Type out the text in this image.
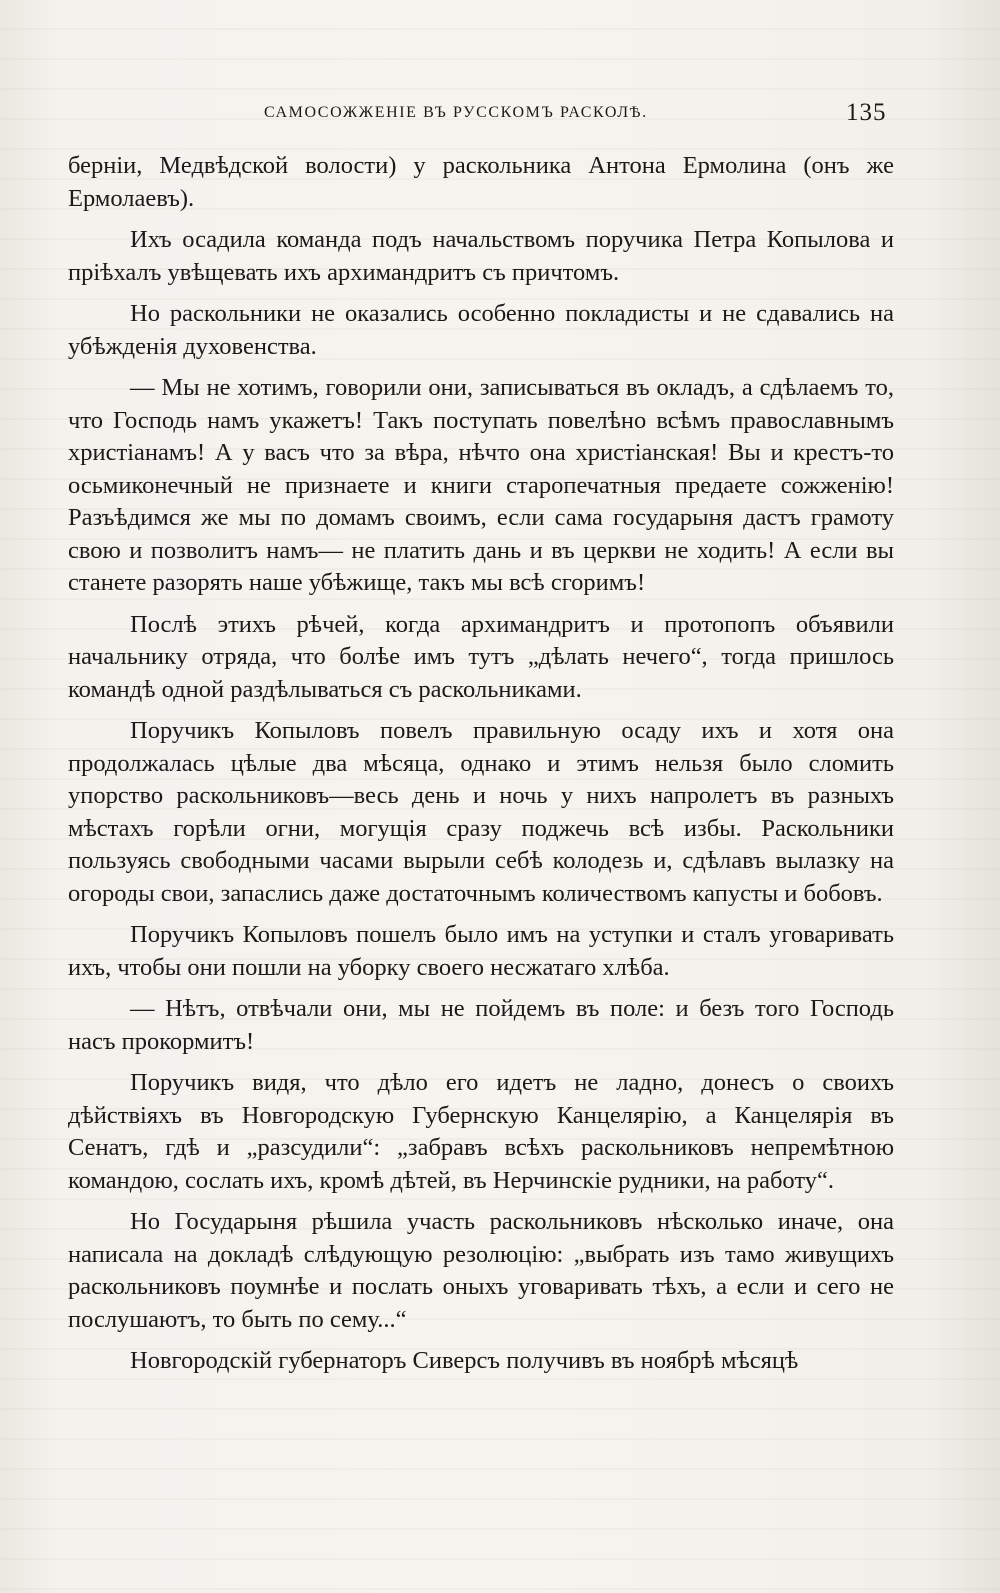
САМОСОЖЖЕНІЕ ВЪ РУССКОМЪ РАСКОЛѢ.	135

берніи, Медвѣдской волости) у раскольника Антона Ермолина (онъ же Ермолаевъ).

Ихъ осадила команда подъ начальствомъ поручика Петра Копылова и пріѣхалъ увѣщевать ихъ архимандритъ съ причтомъ.

Но раскольники не оказались особенно покладисты и не сдавались на убѣжденія духовенства.

— Мы не хотимъ, говорили они, записываться въ окладъ, а сдѣлаемъ то, что Господь намъ укажетъ! Такъ поступать повелѣно всѣмъ православнымъ христіанамъ! А у васъ что за вѣра, нѣчто она христіанская! Вы и крестъ-то осьмиконечный не признаете и книги старопечатныя предаете сожженію! Разъѣдимся же мы по домамъ своимъ, если сама государыня дастъ грамоту свою и позволитъ намъ— не платить дань и въ церкви не ходить! А если вы станете разорять наше убѣжище, такъ мы всѣ сгоримъ!

Послѣ этихъ рѣчей, когда архимандритъ и протопопъ объявили начальнику отряда, что болѣе имъ тутъ „дѣлать нечего“, тогда пришлось командѣ одной раздѣлываться съ раскольниками.

Поручикъ Копыловъ повелъ правильную осаду ихъ и хотя она продолжалась цѣлые два мѣсяца, однако и этимъ нельзя было сломить упорство раскольниковъ—весь день и ночь у нихъ напролетъ въ разныхъ мѣстахъ горѣли огни, могущія сразу поджечь всѣ избы. Раскольники пользуясь свободными часами вырыли себѣ колодезь и, сдѣлавъ вылазку на огороды свои, запаслись даже достаточнымъ количествомъ капусты и бобовъ.

Поручикъ Копыловъ пошелъ было имъ на уступки и сталъ уговаривать ихъ, чтобы они пошли на уборку своего несжатаго хлѣба.

— Нѣтъ, отвѣчали они, мы не пойдемъ въ поле: и безъ того Господь насъ прокормитъ!

Поручикъ видя, что дѣло его идетъ не ладно, донесъ о своихъ дѣйствіяхъ въ Новгородскую Губернскую Канцелярію, а Канцелярія въ Сенатъ, гдѣ и „разсудили“: „забравъ всѣхъ раскольниковъ непремѣтною командою, сослать ихъ, кромѣ дѣтей, въ Нерчинскіе рудники, на работу“.

Но Государыня рѣшила участь раскольниковъ нѣсколько иначе, она написала на докладѣ слѣдующую резолюцію: „выбрать изъ тамо живущихъ раскольниковъ поумнѣе и послать оныхъ уговаривать тѣхъ, а если и сего не послушаютъ, то быть по сему...“

Новгородскій губернаторъ Сиверсъ получивъ въ ноябрѣ мѣсяцѣ
